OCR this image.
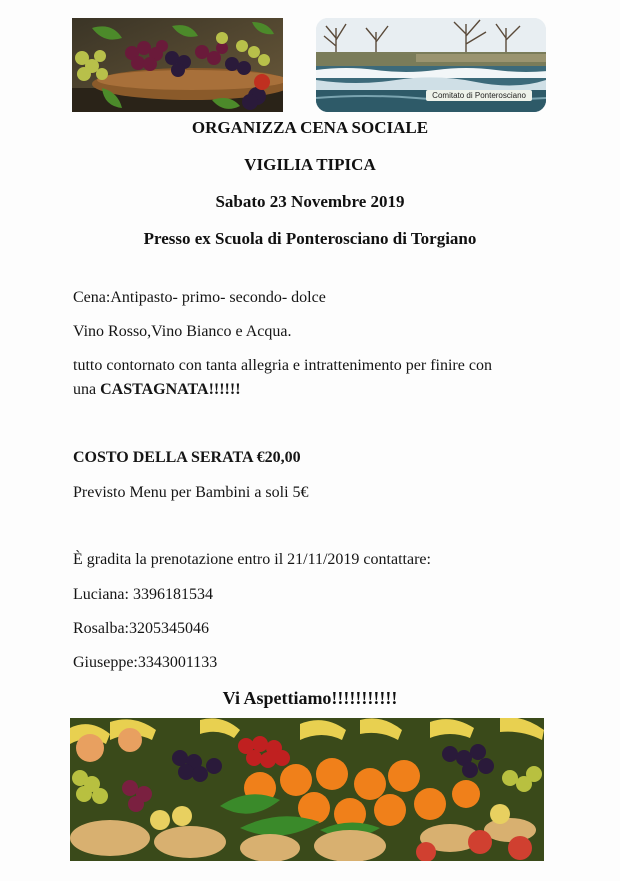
Comitato di Ponterosciano
ORGANIZZA CENA SOCIALE
VIGILIA TIPICA
Sabato 23 Novembre 2019
Presso ex Scuola di Ponterosciano di Torgiano
Cena:Antipasto- primo- secondo- dolce
Vino Rosso,Vino Bianco e Acqua.
tutto contornato con tanta allegria e intrattenimento per finire con
una CASTAGNATA!!!!!!
COSTO DELLA SERATA €20,00
Previsto Menu per Bambini a soli 5€
È gradita la prenotazione entro il 21/11/2019 contattare:
Luciana: 3396181534
Rosalba:3205345046
Giuseppe:3343001133
Vi Aspettiamo!!!!!!!!!!!
